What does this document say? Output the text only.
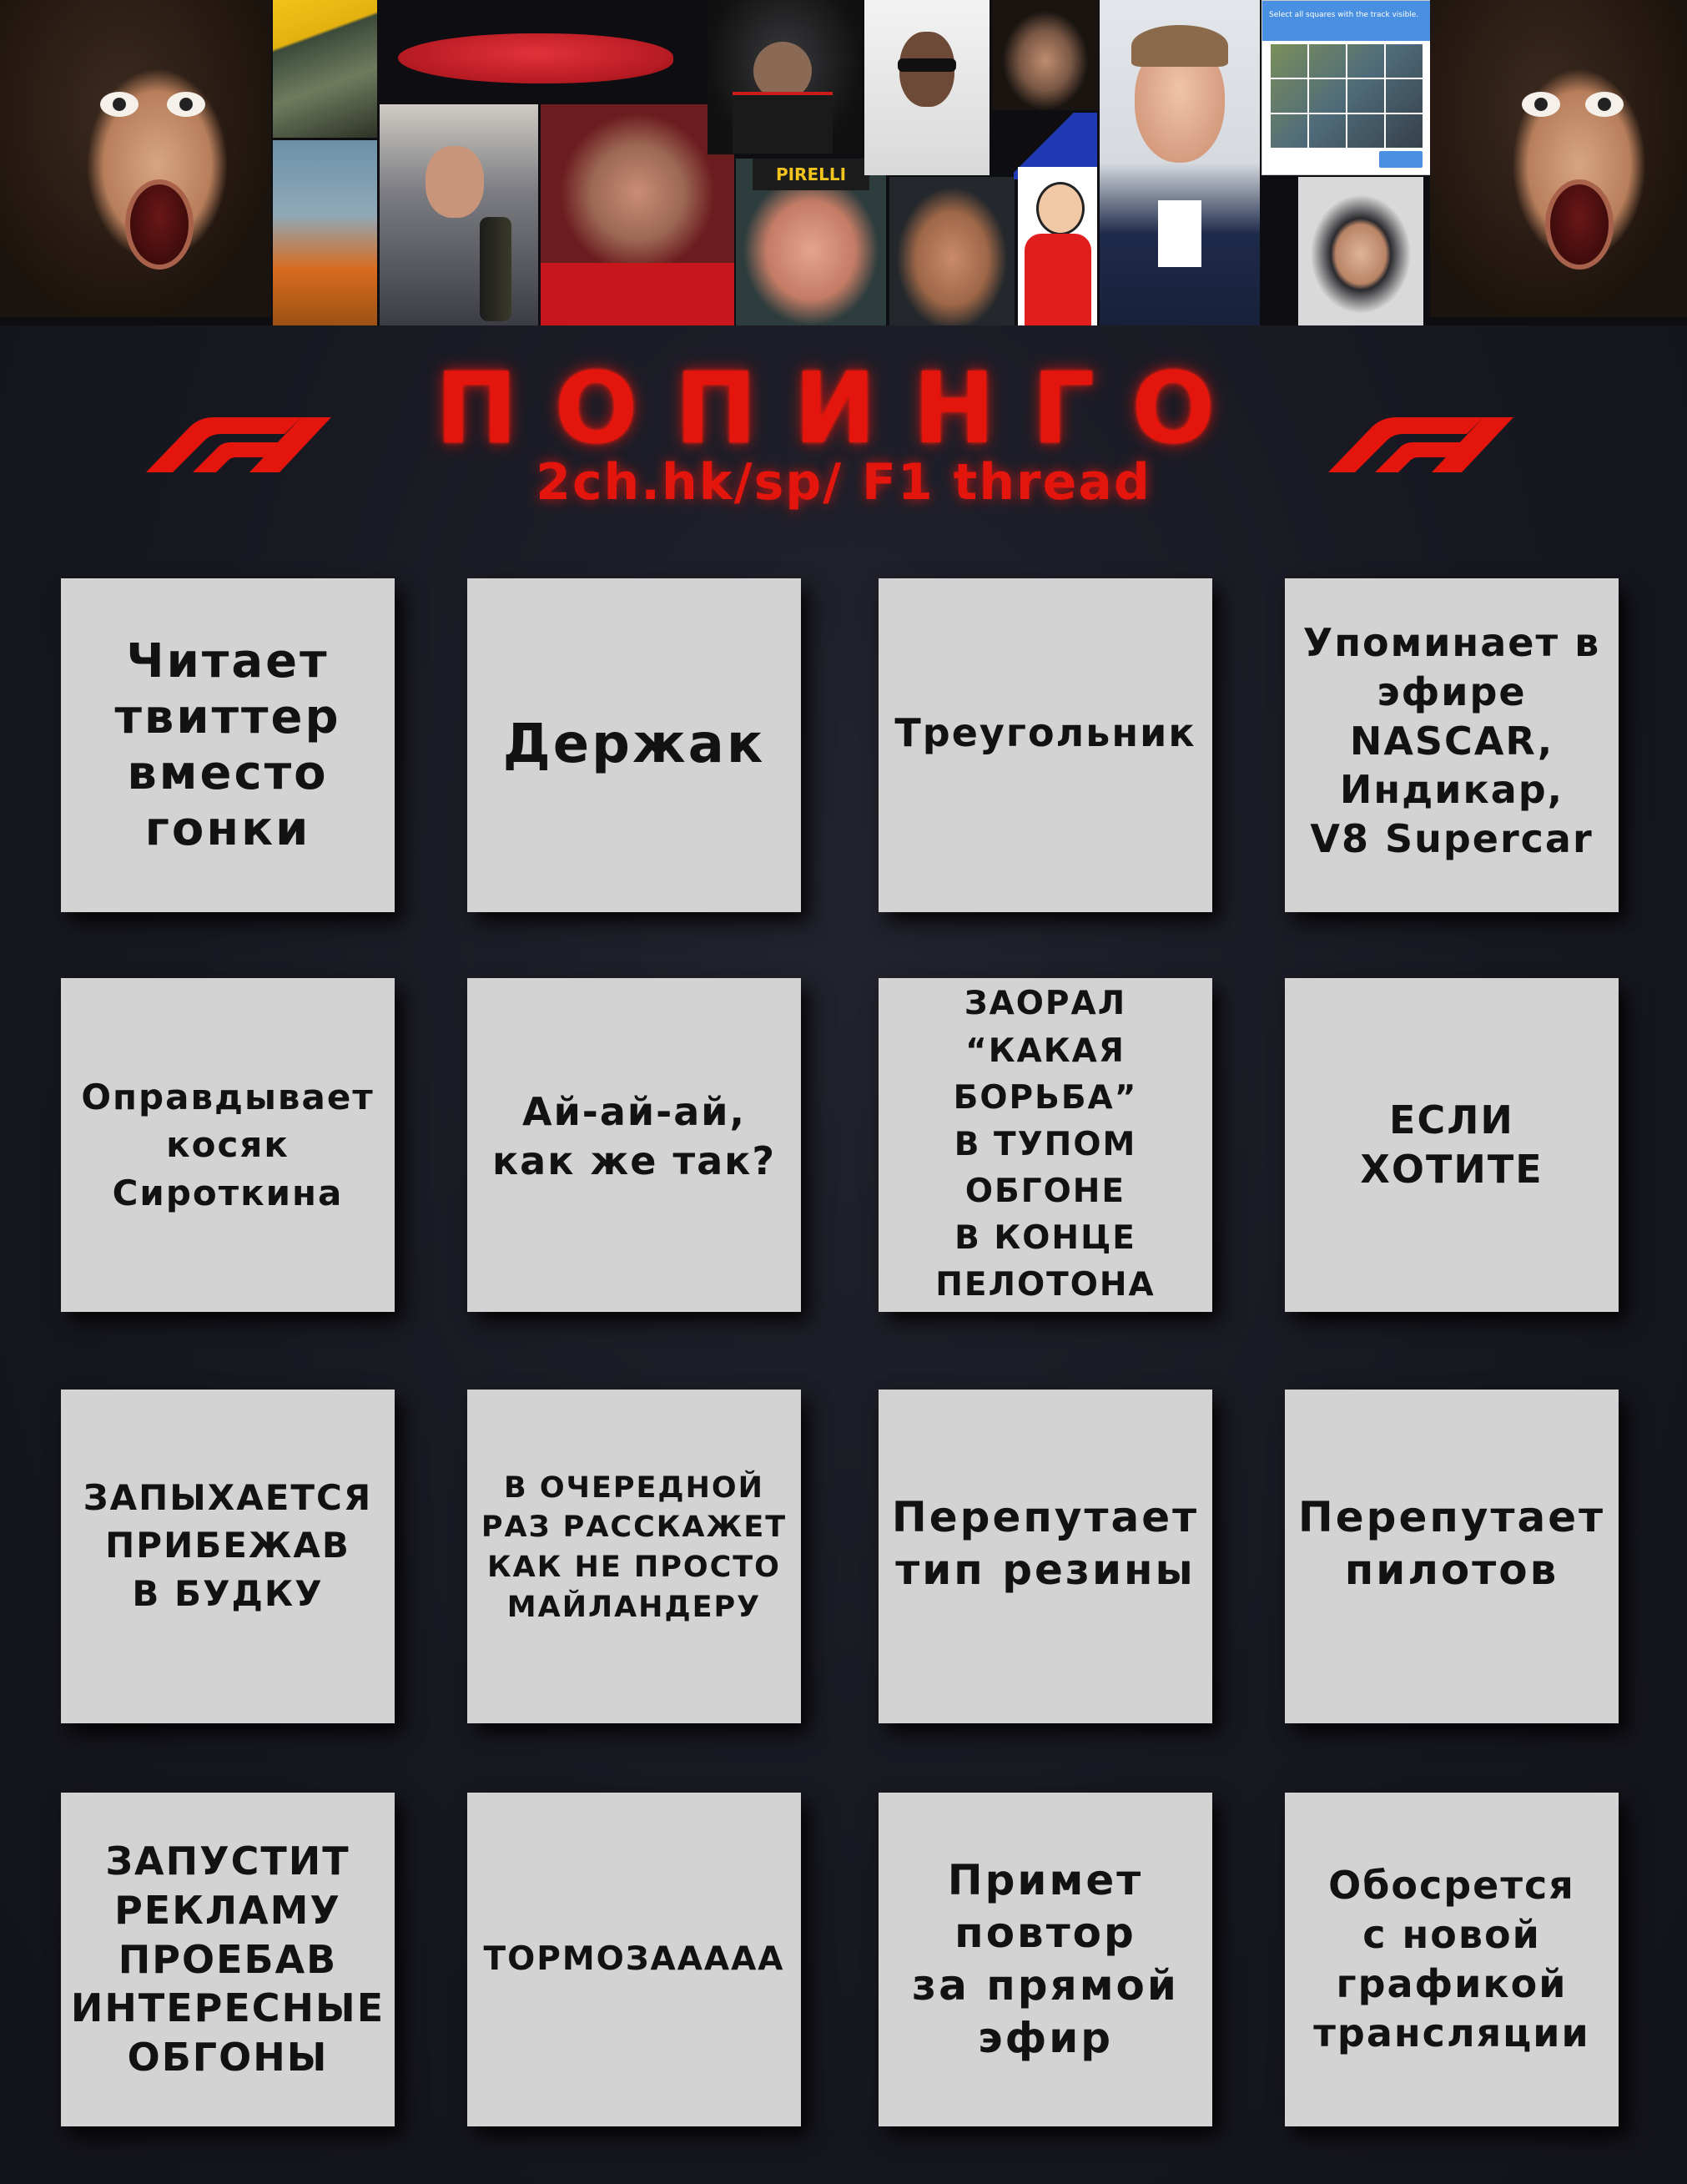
PIRELLI
Select all squares with the track visible.
ПОПИНГО
2ch.hk/sp/ F1 thread
Читает
твиттер
вместо
гонки
Держак	Треугольник
Упоминает в
эфире
NASCAR,
Индикар,
V8 Supercar
Оправдывает
косяк
Сироткина
Ай-ай-ай,
как же так?
ЗАОРАЛ
“КАКАЯ БОРЬБА”
В ТУПОМ ОБГОНЕ
В КОНЦЕ
ПЕЛОТОНА
ЕСЛИ ХОТИТЕ
ЗАПЫХАЕТСЯ
ПРИБЕЖАВ
В БУДКУ
В ОЧЕРЕДНОЙ
РАЗ РАССКАЖЕТ
КАК НЕ ПРОСТО
МАЙЛАНДЕРУ
Перепутает
тип резины
Перепутает
пилотов
ЗАПУСТИТ
РЕКЛАМУ
ПРОЕБАВ
ИНТЕРЕСНЫЕ
ОБГОНЫ
ТОРМОЗААААА
Примет
повтор
за прямой
эфир
Обосрется
с новой
графикой
трансляции
